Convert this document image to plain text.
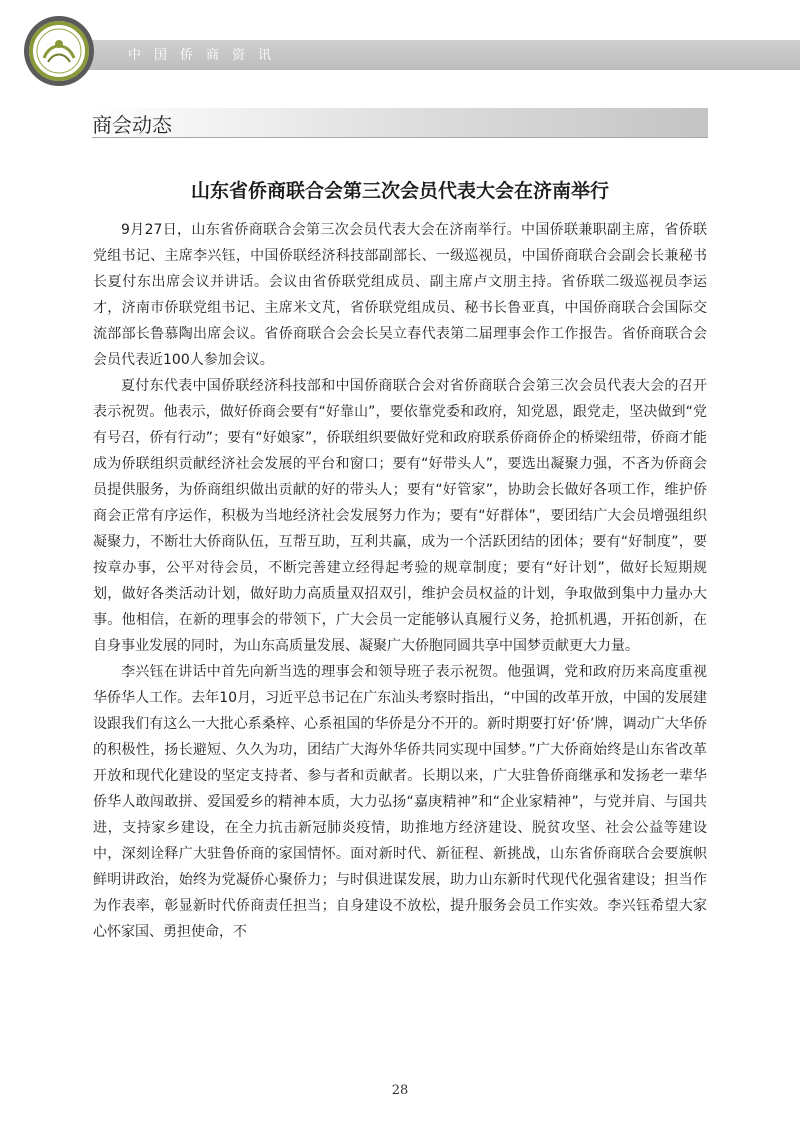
中国侨商资讯
商会动态
山东省侨商联合会第三次会员代表大会在济南举行

9月27日，山东省侨商联合会第三次会员代表大会在济南举行。中国侨联兼职副主席，省侨联党组书记、主席李兴钰，中国侨联经济科技部副部长、一级巡视员，中国侨商联合会副会长兼秘书长夏付东出席会议并讲话。会议由省侨联党组成员、副主席卢文朋主持。省侨联二级巡视员李运才，济南市侨联党组书记、主席米文芃，省侨联党组成员、秘书长鲁亚真，中国侨商联合会国际交流部部长鲁慕陶出席会议。省侨商联合会会长吴立春代表第二届理事会作工作报告。省侨商联合会会员代表近100人参加会议。

夏付东代表中国侨联经济科技部和中国侨商联合会对省侨商联合会第三次会员代表大会的召开表示祝贺。他表示，做好侨商会要有“好靠山”，要依靠党委和政府，知党恩，跟党走，坚决做到“党有号召，侨有行动”；要有“好娘家”，侨联组织要做好党和政府联系侨商侨企的桥梁纽带，侨商才能成为侨联组织贡献经济社会发展的平台和窗口；要有“好带头人”，要选出凝聚力强，不吝为侨商会员提供服务，为侨商组织做出贡献的好的带头人；要有“好管家”，协助会长做好各项工作，维护侨商会正常有序运作，积极为当地经济社会发展努力作为；要有“好群体”，要团结广大会员增强组织凝聚力，不断壮大侨商队伍，互帮互助，互利共赢，成为一个活跃团结的团体；要有“好制度”，要按章办事，公平对待会员，不断完善建立经得起考验的规章制度；要有“好计划”，做好长短期规划，做好各类活动计划，做好助力高质量双招双引，维护会员权益的计划，争取做到集中力量办大事。他相信，在新的理事会的带领下，广大会员一定能够认真履行义务，抢抓机遇，开拓创新，在自身事业发展的同时，为山东高质量发展、凝聚广大侨胞同圆共享中国梦贡献更大力量。

李兴钰在讲话中首先向新当选的理事会和领导班子表示祝贺。他强调，党和政府历来高度重视华侨华人工作。去年10月，习近平总书记在广东汕头考察时指出，“中国的改革开放，中国的发展建设跟我们有这么一大批心系桑梓、心系祖国的华侨是分不开的。新时期要打好‘侨’牌，调动广大华侨的积极性，扬长避短、久久为功，团结广大海外华侨共同实现中国梦。”广大侨商始终是山东省改革开放和现代化建设的坚定支持者、参与者和贡献者。长期以来，广大驻鲁侨商继承和发扬老一辈华侨华人敢闯敢拼、爱国爱乡的精神本质，大力弘扬“嘉庚精神”和“企业家精神”，与党并肩、与国共进，支持家乡建设，在全力抗击新冠肺炎疫情，助推地方经济建设、脱贫攻坚、社会公益等建设中，深刻诠释广大驻鲁侨商的家国情怀。面对新时代、新征程、新挑战，山东省侨商联合会要旗帜鲜明讲政治，始终为党凝侨心聚侨力；与时俱进谋发展，助力山东新时代现代化强省建设；担当作为作表率，彰显新时代侨商责任担当；自身建设不放松，提升服务会员工作实效。李兴钰希望大家心怀家国、勇担使命，不

28
